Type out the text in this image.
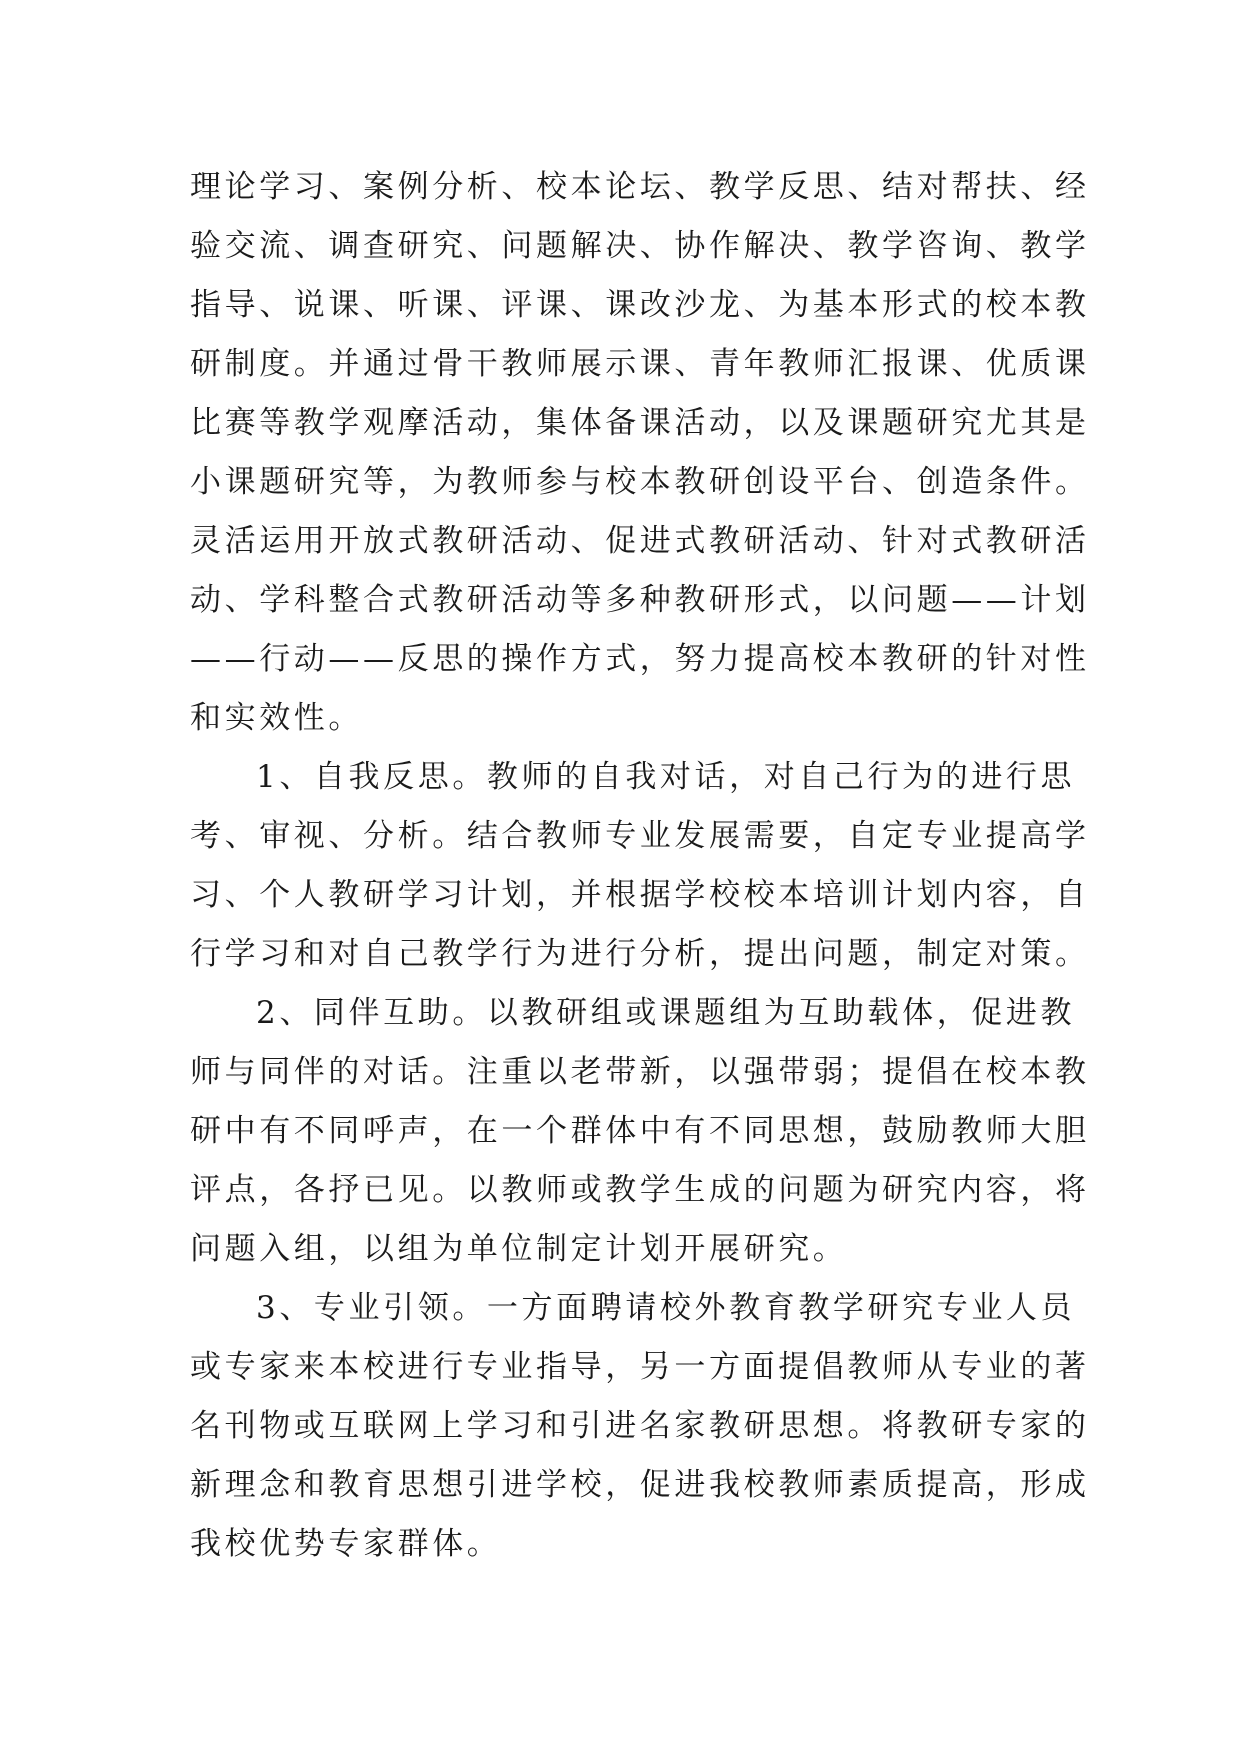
理论学习、案例分析、校本论坛、教学反思、结对帮扶、经
验交流、调查研究、问题解决、协作解决、教学咨询、教学
指导、说课、听课、评课、课改沙龙、为基本形式的校本教
研制度。并通过骨干教师展示课、青年教师汇报课、优质课
比赛等教学观摩活动，集体备课活动，以及课题研究尤其是
小课题研究等，为教师参与校本教研创设平台、创造条件。
灵活运用开放式教研活动、促进式教研活动、针对式教研活
动、学科整合式教研活动等多种教研形式，以问题——计划
——行动——反思的操作方式，努力提高校本教研的针对性
和实效性。
1、自我反思。教师的自我对话，对自己行为的进行思
考、审视、分析。结合教师专业发展需要，自定专业提高学
习、个人教研学习计划，并根据学校校本培训计划内容，自
行学习和对自己教学行为进行分析，提出问题，制定对策。
2、同伴互助。以教研组或课题组为互助载体，促进教
师与同伴的对话。注重以老带新，以强带弱；提倡在校本教
研中有不同呼声，在一个群体中有不同思想，鼓励教师大胆
评点，各抒已见。以教师或教学生成的问题为研究内容，将
问题入组，以组为单位制定计划开展研究。
3、专业引领。一方面聘请校外教育教学研究专业人员
或专家来本校进行专业指导，另一方面提倡教师从专业的著
名刊物或互联网上学习和引进名家教研思想。将教研专家的
新理念和教育思想引进学校，促进我校教师素质提高，形成
我校优势专家群体。
